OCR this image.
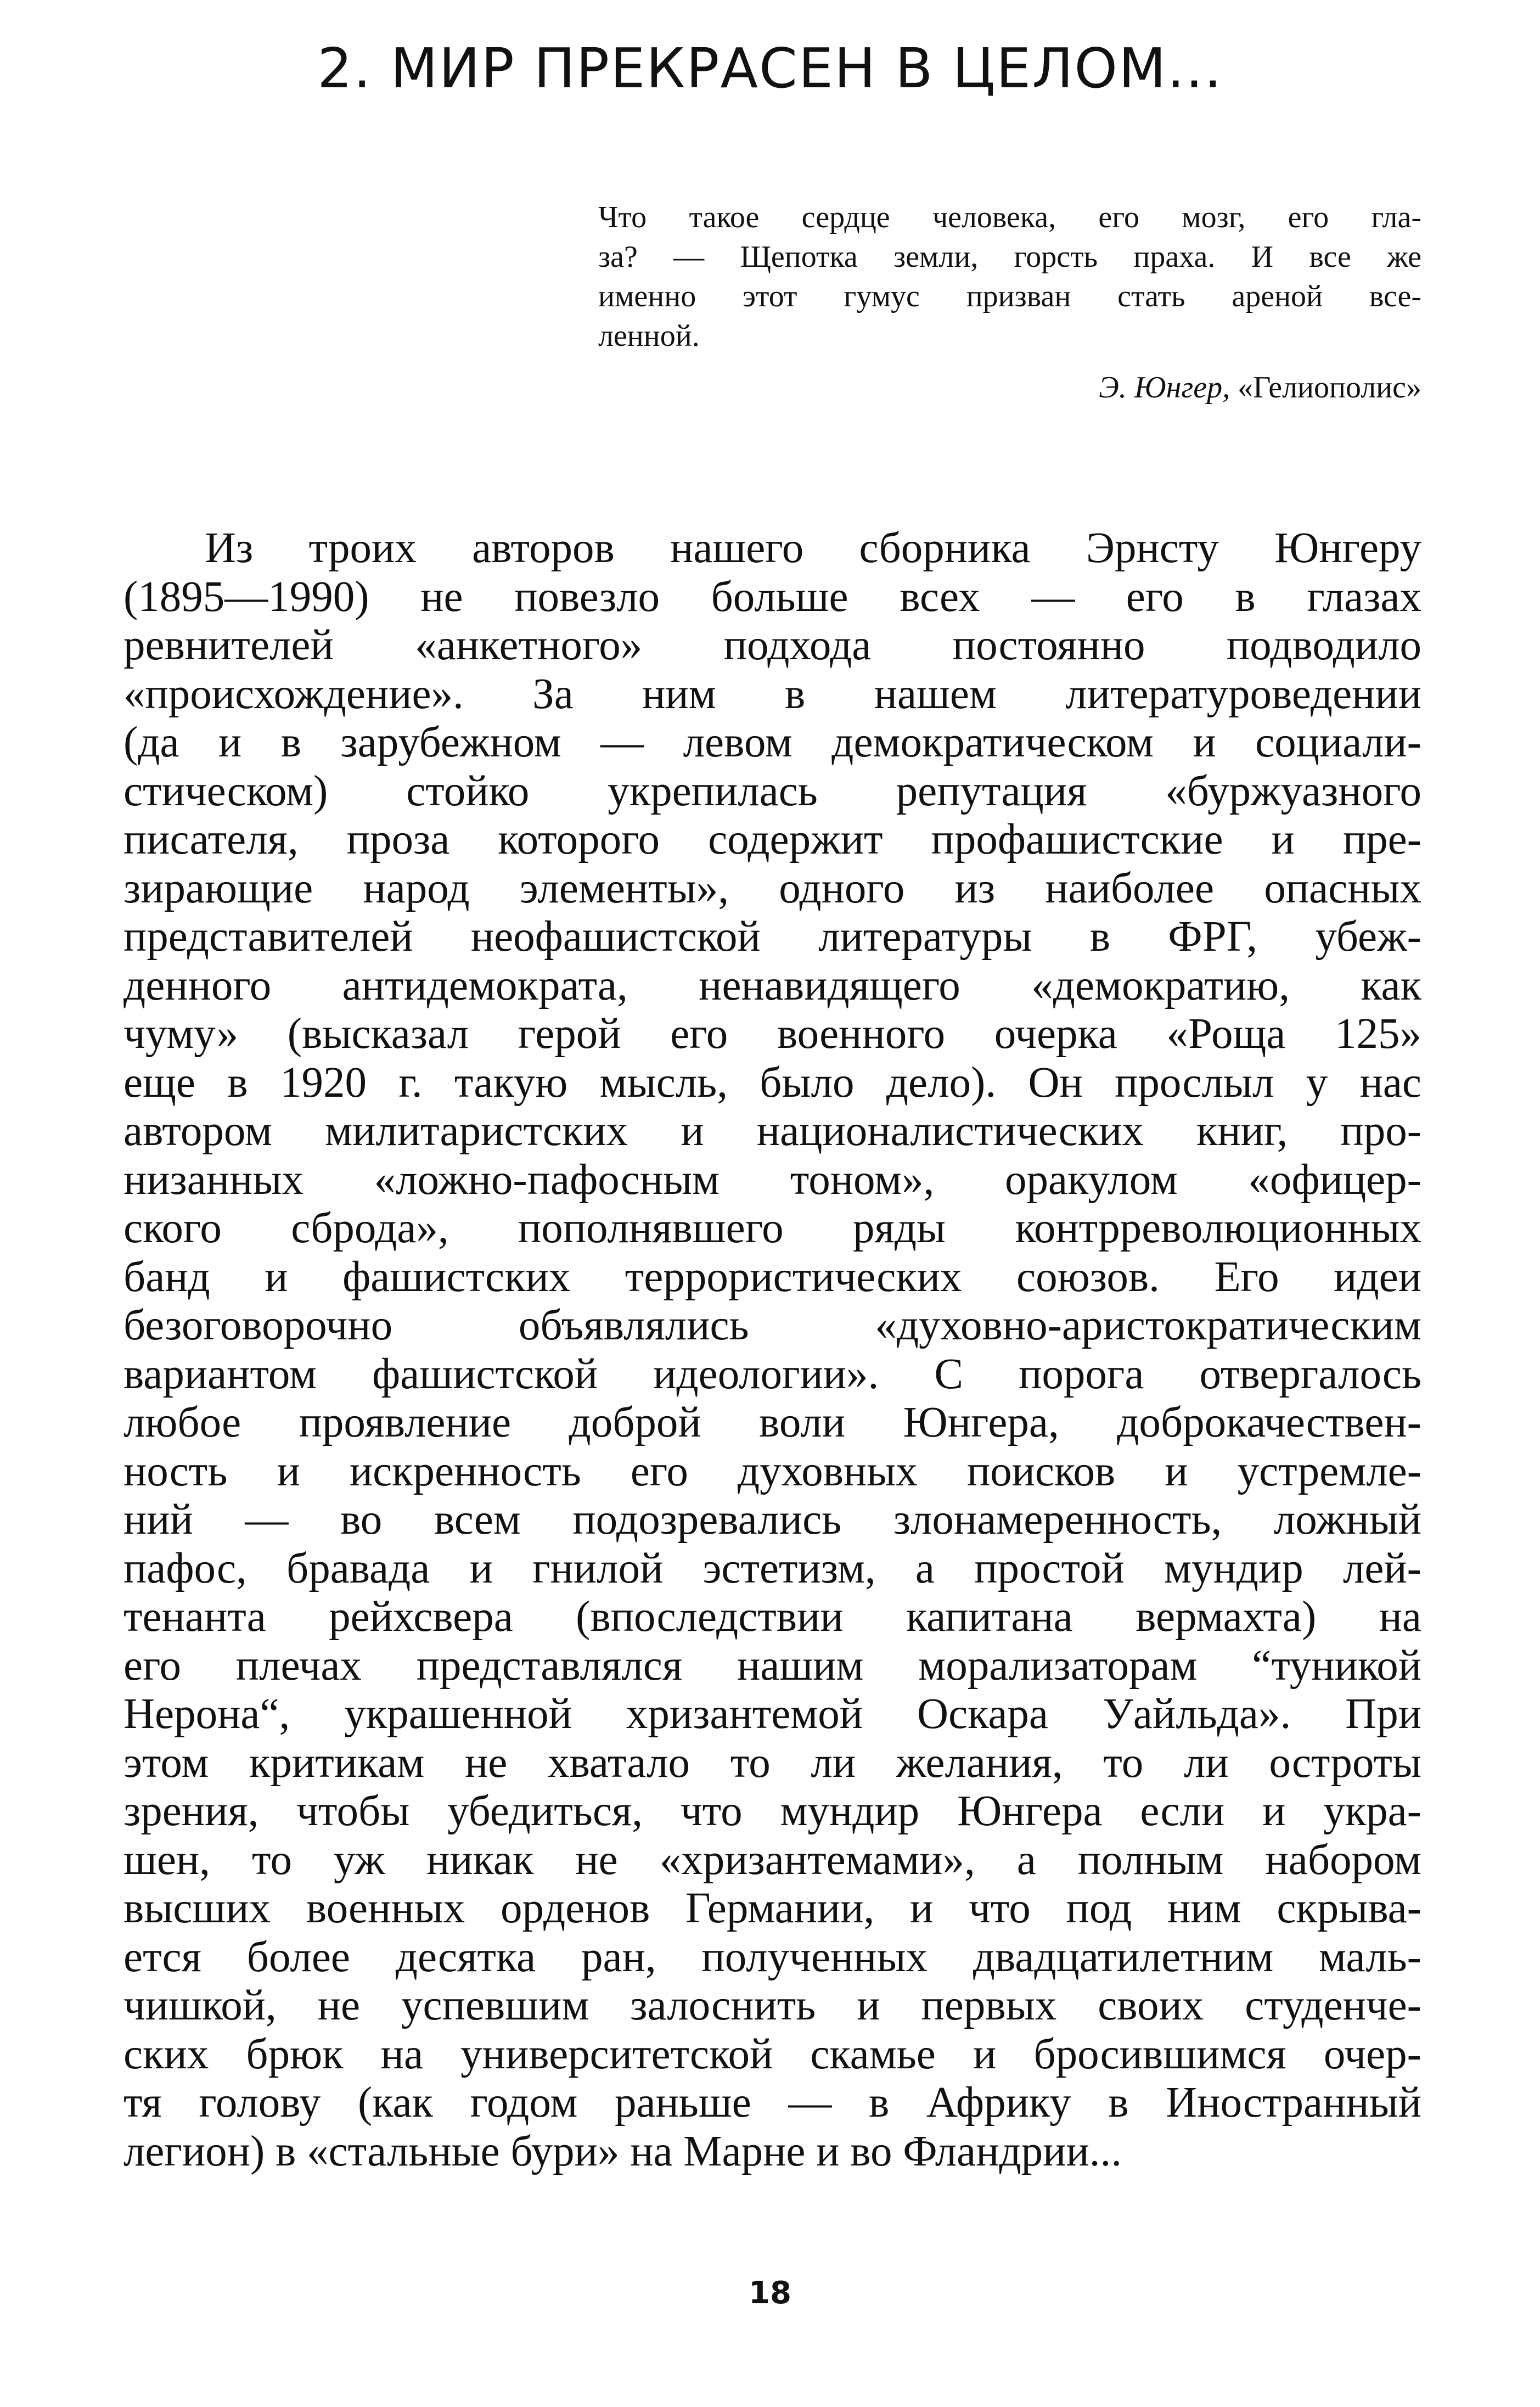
2. МИР ПРЕКРАСЕН В ЦЕЛОМ...
Что такое сердце человека, его мозг, его гла-
за? — Щепотка земли, горсть праха. И все же
именно этот гумус призван стать ареной все-
ленной.
Э. Юнгер, «Гелиополис»
Из троих авторов нашего сборника Эрнсту Юнгеру
(1895—1990) не повезло больше всех — его в глазах
ревнителей «анкетного» подхода постоянно подводило
«происхождение». За ним в нашем литературоведении
(да и в зарубежном — левом демократическом и социали-
стическом) стойко укрепилась репутация «буржуазного
писателя, проза которого содержит профашистские и пре-
зирающие народ элементы», одного из наиболее опасных
представителей неофашистской литературы в ФРГ, убеж-
денного антидемократа, ненавидящего «демократию, как
чуму» (высказал герой его военного очерка «Роща 125»
еще в 1920 г. такую мысль, было дело). Он прослыл у нас
автором милитаристских и националистических книг, про-
низанных «ложно-пафосным тоном», оракулом «офицер-
ского сброда», пополнявшего ряды контрреволюционных
банд и фашистских террористических союзов. Его идеи
безоговорочно объявлялись «духовно-аристократическим
вариантом фашистской идеологии». С порога отвергалось
любое проявление доброй воли Юнгера, доброкачествен-
ность и искренность его духовных поисков и устремле-
ний — во всем подозревались злонамеренность, ложный
пафос, бравада и гнилой эстетизм, а простой мундир лей-
тенанта рейхсвера (впоследствии капитана вермахта) на
его плечах представлялся нашим морализаторам “туникой
Нерона“, украшенной хризантемой Оскара Уайльда». При
этом критикам не хватало то ли желания, то ли остроты
зрения, чтобы убедиться, что мундир Юнгера если и укра-
шен, то уж никак не «хризантемами», а полным набором
высших военных орденов Германии, и что под ним скрыва-
ется более десятка ран, полученных двадцатилетним маль-
чишкой, не успевшим залоснить и первых своих студенче-
ских брюк на университетской скамье и бросившимся очер-
тя голову (как годом раньше — в Африку в Иностранный
легион) в «стальные бури» на Марне и во Фландрии...
18
